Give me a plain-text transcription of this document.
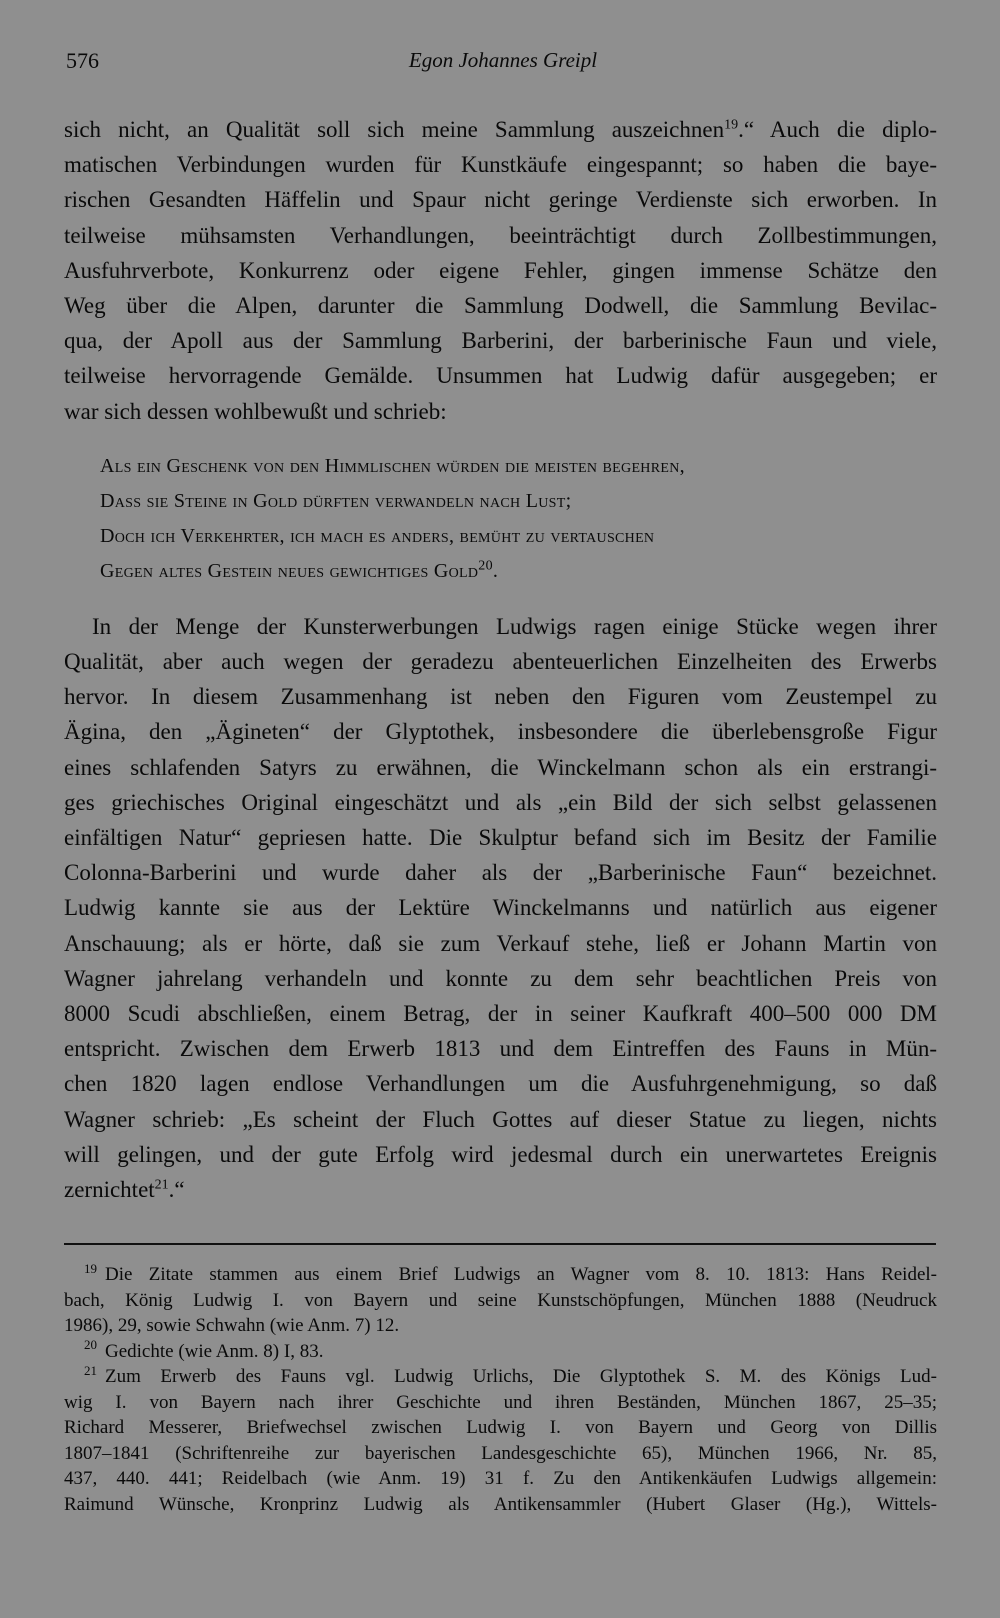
576	Egon Johannes Greipl

sich nicht, an Qualität soll sich meine Sammlung auszeichnen$^{19}$.“ Auch die diplo-
matischen Verbindungen wurden für Kunstkäufe eingespannt; so haben die baye-
rischen Gesandten Häffelin und Spaur nicht geringe Verdienste sich erworben. In
teilweise mühsamsten Verhandlungen, beeinträchtigt durch Zollbestimmungen,
Ausfuhrverbote, Konkurrenz oder eigene Fehler, gingen immense Schätze den
Weg über die Alpen, darunter die Sammlung Dodwell, die Sammlung Bevilac-
qua, der Apoll aus der Sammlung Barberini, der barberinische Faun und viele,
teilweise hervorragende Gemälde. Unsummen hat Ludwig dafür ausgegeben; er
war sich dessen wohlbewußt und schrieb:

Als ein Geschenk von den Himmlischen würden die meisten begehren,
Dass sie Steine in Gold dürften verwandeln nach Lust;
Doch ich Verkehrter, ich mach es anders, bemüht zu vertauschen
Gegen altes Gestein neues gewichtiges Gold$^{20}$.

In der Menge der Kunsterwerbungen Ludwigs ragen einige Stücke wegen ihrer
Qualität, aber auch wegen der geradezu abenteuerlichen Einzelheiten des Erwerbs
hervor. In diesem Zusammenhang ist neben den Figuren vom Zeustempel zu
Ägina, den „Ägineten“ der Glyptothek, insbesondere die überlebensgroße Figur
eines schlafenden Satyrs zu erwähnen, die Winckelmann schon als ein erstrangi-
ges griechisches Original eingeschätzt und als „ein Bild der sich selbst gelassenen
einfältigen Natur“ gepriesen hatte. Die Skulptur befand sich im Besitz der Familie
Colonna-Barberini und wurde daher als der „Barberinische Faun“ bezeichnet.
Ludwig kannte sie aus der Lektüre Winckelmanns und natürlich aus eigener
Anschauung; als er hörte, daß sie zum Verkauf stehe, ließ er Johann Martin von
Wagner jahrelang verhandeln und konnte zu dem sehr beachtlichen Preis von
8000 Scudi abschließen, einem Betrag, der in seiner Kaufkraft 400–500 000 DM
entspricht. Zwischen dem Erwerb 1813 und dem Eintreffen des Fauns in Mün-
chen 1820 lagen endlose Verhandlungen um die Ausfuhrgenehmigung, so daß
Wagner schrieb: „Es scheint der Fluch Gottes auf dieser Statue zu liegen, nichts
will gelingen, und der gute Erfolg wird jedesmal durch ein unerwartetes Ereignis
zernichtet$^{21}$.“

$^{19}$ Die Zitate stammen aus einem Brief Ludwigs an Wagner vom 8. 10. 1813: Hans Reidel-
bach, König Ludwig I. von Bayern und seine Kunstschöpfungen, München 1888 (Neudruck
1986), 29, sowie Schwahn (wie Anm. 7) 12.
$^{20}$ Gedichte (wie Anm. 8) I, 83.
$^{21}$ Zum Erwerb des Fauns vgl. Ludwig Urlichs, Die Glyptothek S. M. des Königs Lud-
wig I. von Bayern nach ihrer Geschichte und ihren Beständen, München 1867, 25–35;
Richard Messerer, Briefwechsel zwischen Ludwig I. von Bayern und Georg von Dillis
1807–1841 (Schriftenreihe zur bayerischen Landesgeschichte 65), München 1966, Nr. 85,
437, 440. 441; Reidelbach (wie Anm. 19) 31 f. Zu den Antikenkäufen Ludwigs allgemein:
Raimund Wünsche, Kronprinz Ludwig als Antikensammler (Hubert Glaser (Hg.), Wittels-
